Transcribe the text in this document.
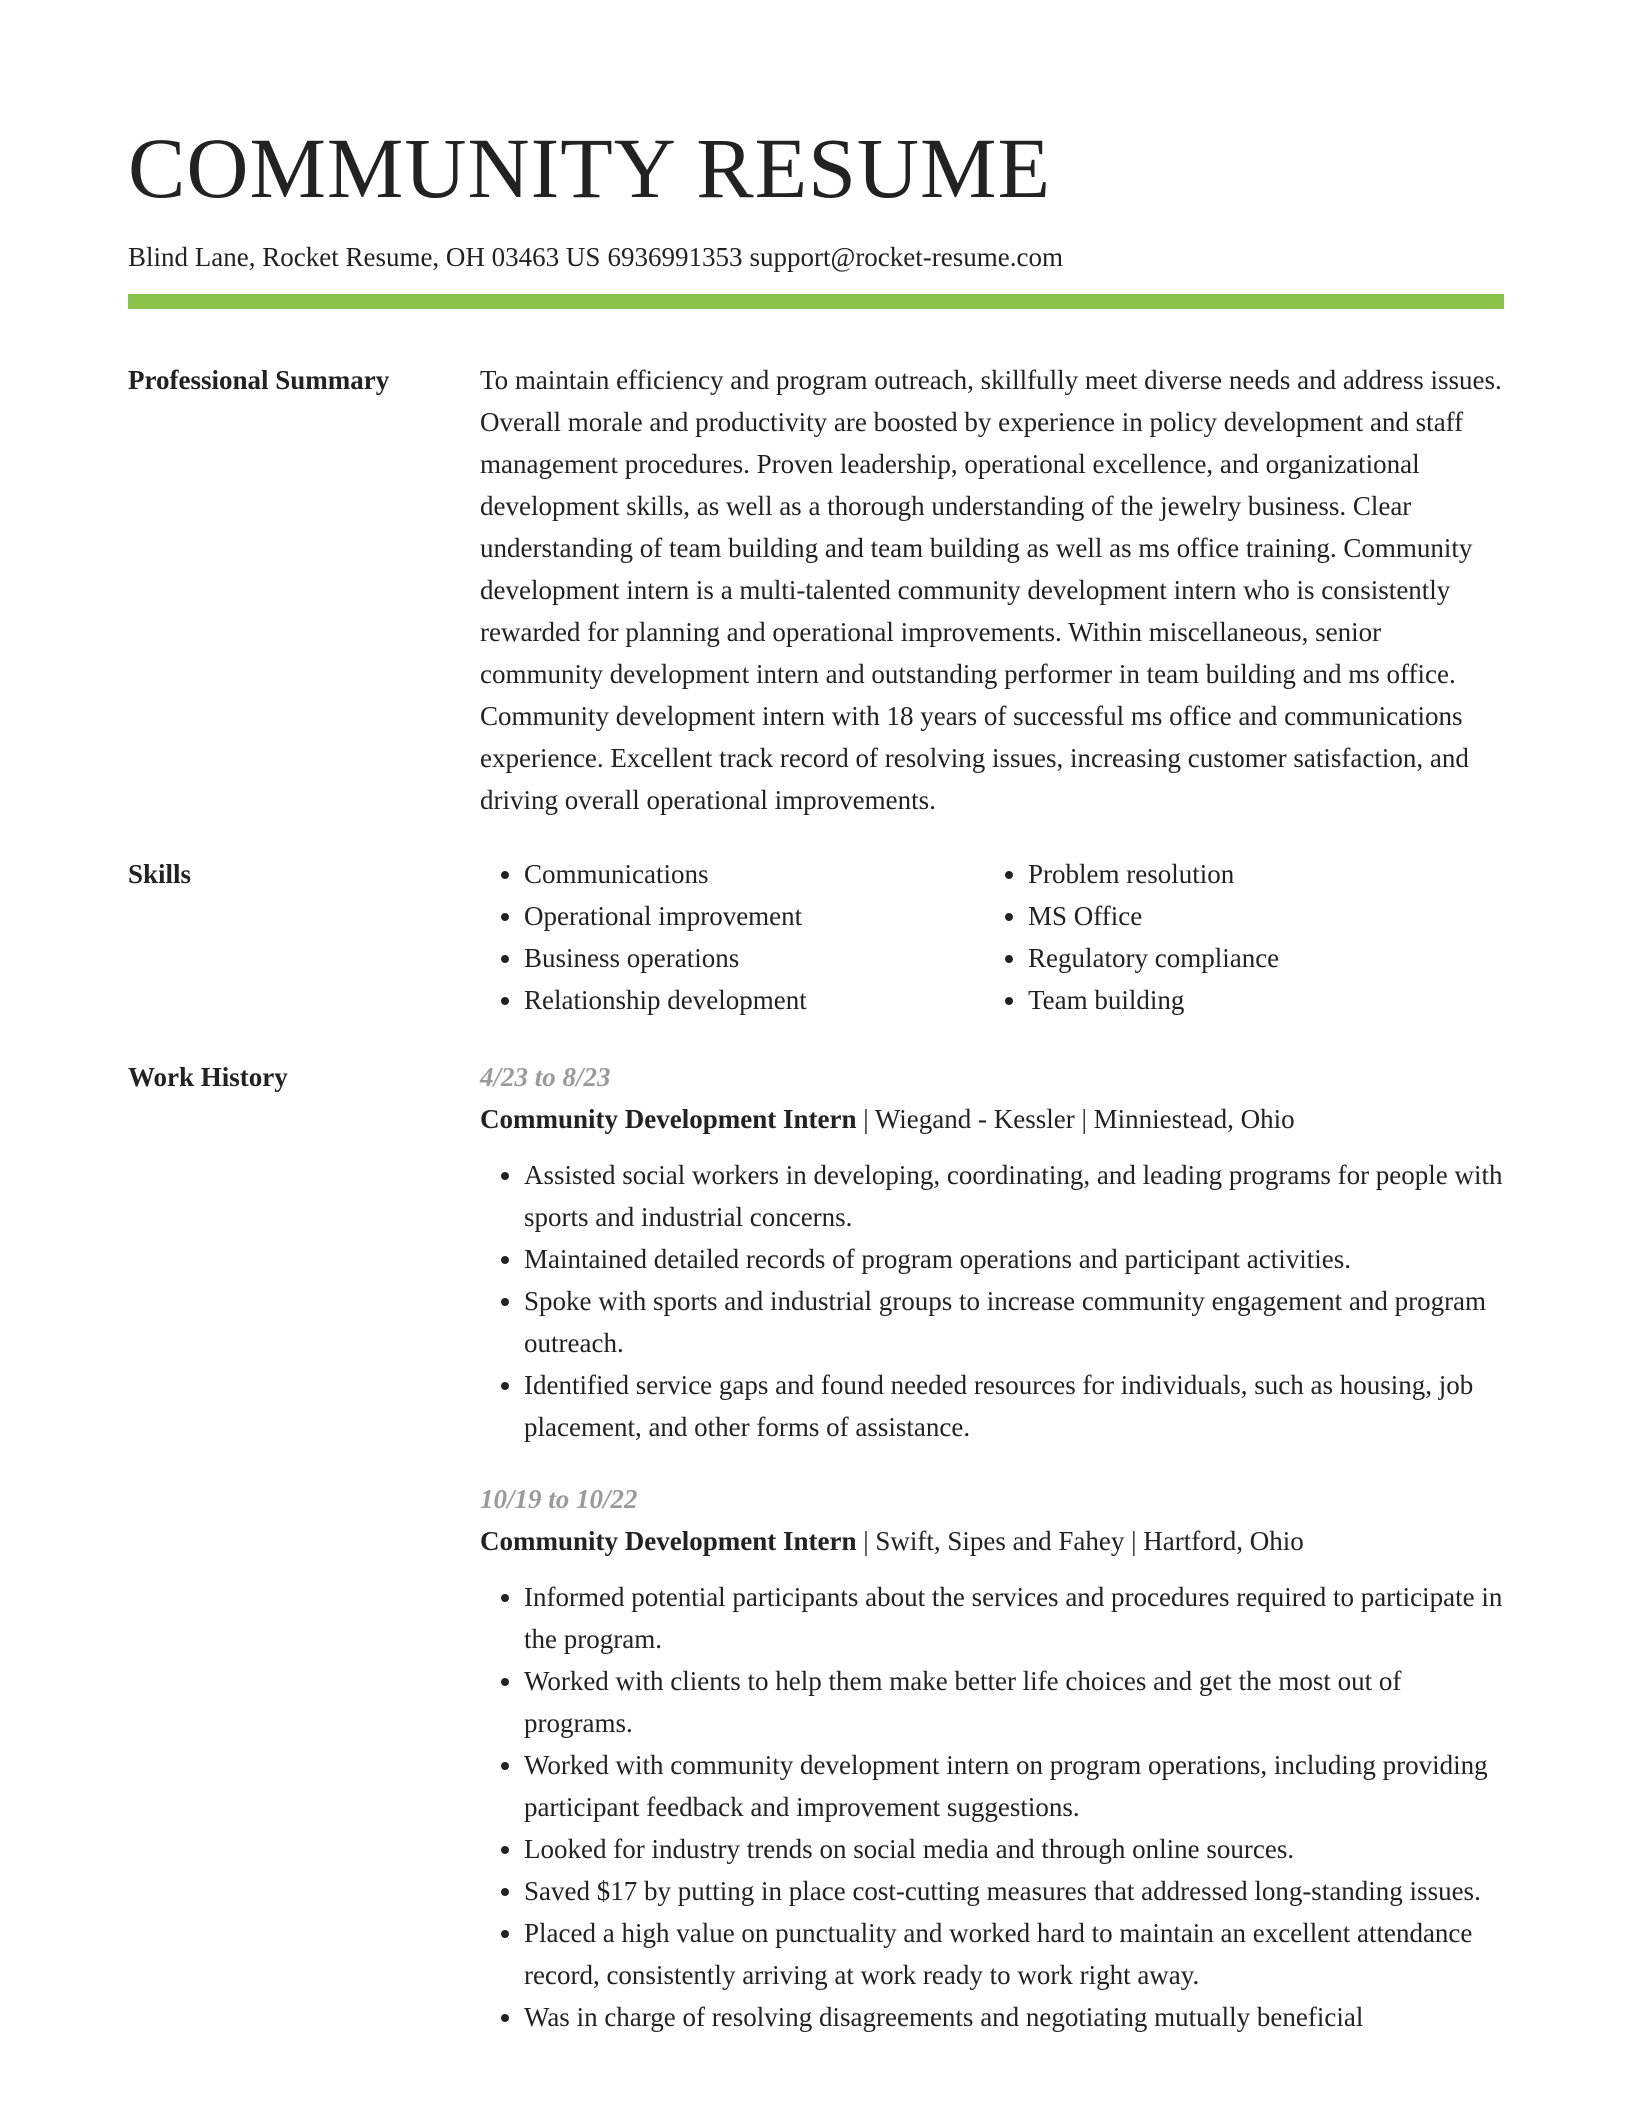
COMMUNITY RESUME
Blind Lane, Rocket Resume, OH 03463 US 6936991353 support@rocket-resume.com
Professional Summary	To maintain efficiency and program outreach, skillfully meet diverse needs and address issues. Overall morale and productivity are boosted by experience in policy development and staff management procedures. Proven leadership, operational excellence, and organizational development skills, as well as a thorough understanding of the jewelry business. Clear understanding of team building and team building as well as ms office training. Community development intern is a multi-talented community development intern who is consistently rewarded for planning and operational improvements. Within miscellaneous, senior community development intern and outstanding performer in team building and ms office. Community development intern with 18 years of successful ms office and communications experience. Excellent track record of resolving issues, increasing customer satisfaction, and driving overall operational improvements.
Skills
•	Communications
• Operational improvement
• Business operations
• Relationship development
• Problem resolution
• MS Office
• Regulatory compliance
• Team building
Work History	4/23 to 8/23
Community Development Intern | Wiegand - Kessler | Minniestead, Ohio
• Assisted social workers in developing, coordinating, and leading programs for people with sports and industrial concerns.
• Maintained detailed records of program operations and participant activities.
• Spoke with sports and industrial groups to increase community engagement and program outreach.
• Identified service gaps and found needed resources for individuals, such as housing, job placement, and other forms of assistance.
10/19 to 10/22
Community Development Intern | Swift, Sipes and Fahey | Hartford, Ohio
• Informed potential participants about the services and procedures required to participate in the program.
• Worked with clients to help them make better life choices and get the most out of programs.
• Worked with community development intern on program operations, including providing participant feedback and improvement suggestions.
• Looked for industry trends on social media and through online sources.
• Saved $17 by putting in place cost-cutting measures that addressed long-standing issues.
• Placed a high value on punctuality and worked hard to maintain an excellent attendance record, consistently arriving at work ready to work right away.
• Was in charge of resolving disagreements and negotiating mutually beneficial
